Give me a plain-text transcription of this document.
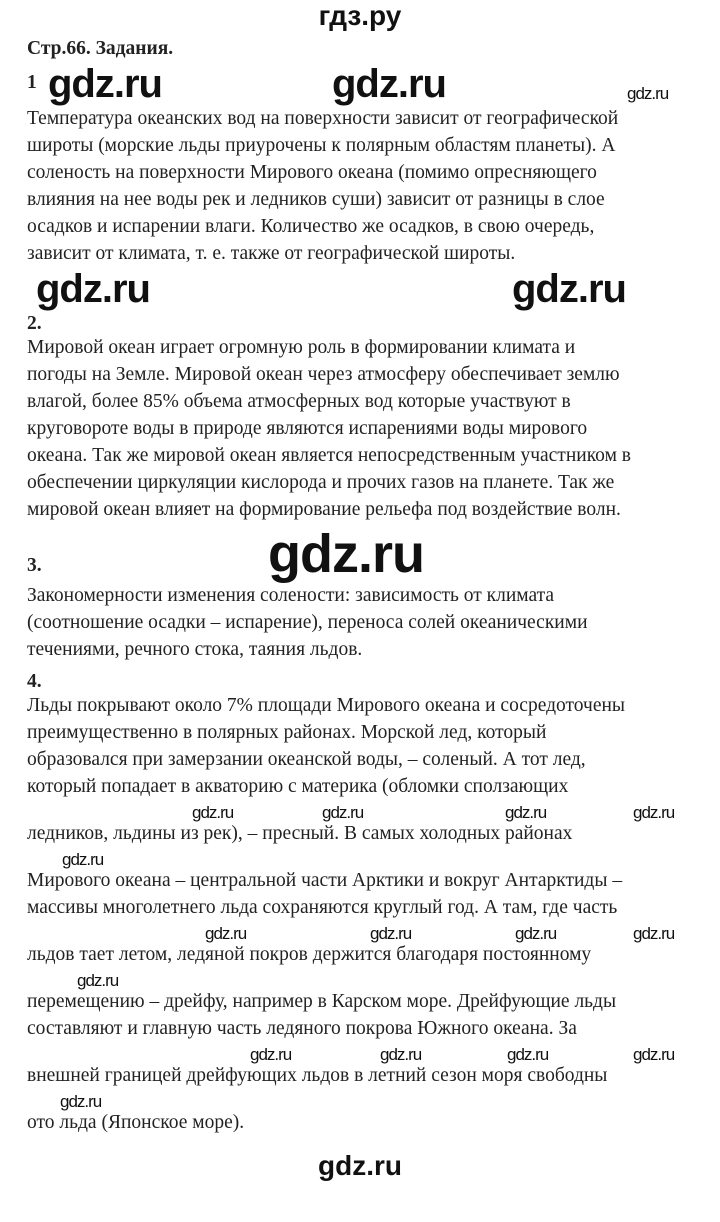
гдз.ру
Стр.66. Задания.
1
Температура океанских вод на поверхности зависит от географической
широты (морские льды приурочены к полярным областям планеты). А
соленость на поверхности Мирового океана (помимо опресняющего
влияния на нее воды рек и ледников суши) зависит от разницы в слое
осадков и испарении влаги. Количество же осадков, в свою очередь,
зависит от климата, т. е. также от географической широты.
2.
Мировой океан играет огромную роль в формировании климата и
погоды на Земле. Мировой океан через атмосферу обеспечивает землю
влагой, более 85% объема атмосферных вод которые участвуют в
круговороте воды в природе являются испарениями воды мирового
океана. Так же мировой океан является непосредственным участником в
обеспечении циркуляции кислорода и прочих газов на планете. Так же
мировой океан влияет на формирование рельефа под воздействие волн.
3.
Закономерности изменения солености: зависимость от климата
(соотношение осадки – испарение), переноса солей океаническими
течениями, речного стока, таяния льдов.
4.
Льды покрывают около 7% площади Мирового океана и сосредоточены
преимущественно в полярных районах. Морской лед, который
образовался при замерзании океанской воды, – соленый. А тот лед,
который попадает в акваторию с материка (обломки сползающих
ледников, льдины из рек), – пресный. В самых холодных районах
Мирового океана – центральной части Арктики и вокруг Антарктиды –
массивы многолетнего льда сохраняются круглый год. А там, где часть
льдов тает летом, ледяной покров держится благодаря постоянному
перемещению – дрейфу, например в Карском море. Дрейфующие льды
составляют и главную часть ледяного покрова Южного океана. За
внешней границей дрейфующих льдов в летний сезон моря свободны
ото льда (Японское море).
gdz.ru	gdz.ru	gdz.ru
gdz.ru	gdz.ru
gdz.ru
gdz.ru
gdz.ru	gdz.ru	gdz.ru
gdz.ru
gdz.ru	gdz.ru	gdz.ru	gdz.ru
gdz.ru
gdz.ru	gdz.ru	gdz.ru	gdz.ru
gdz.ru
gdz.ru
